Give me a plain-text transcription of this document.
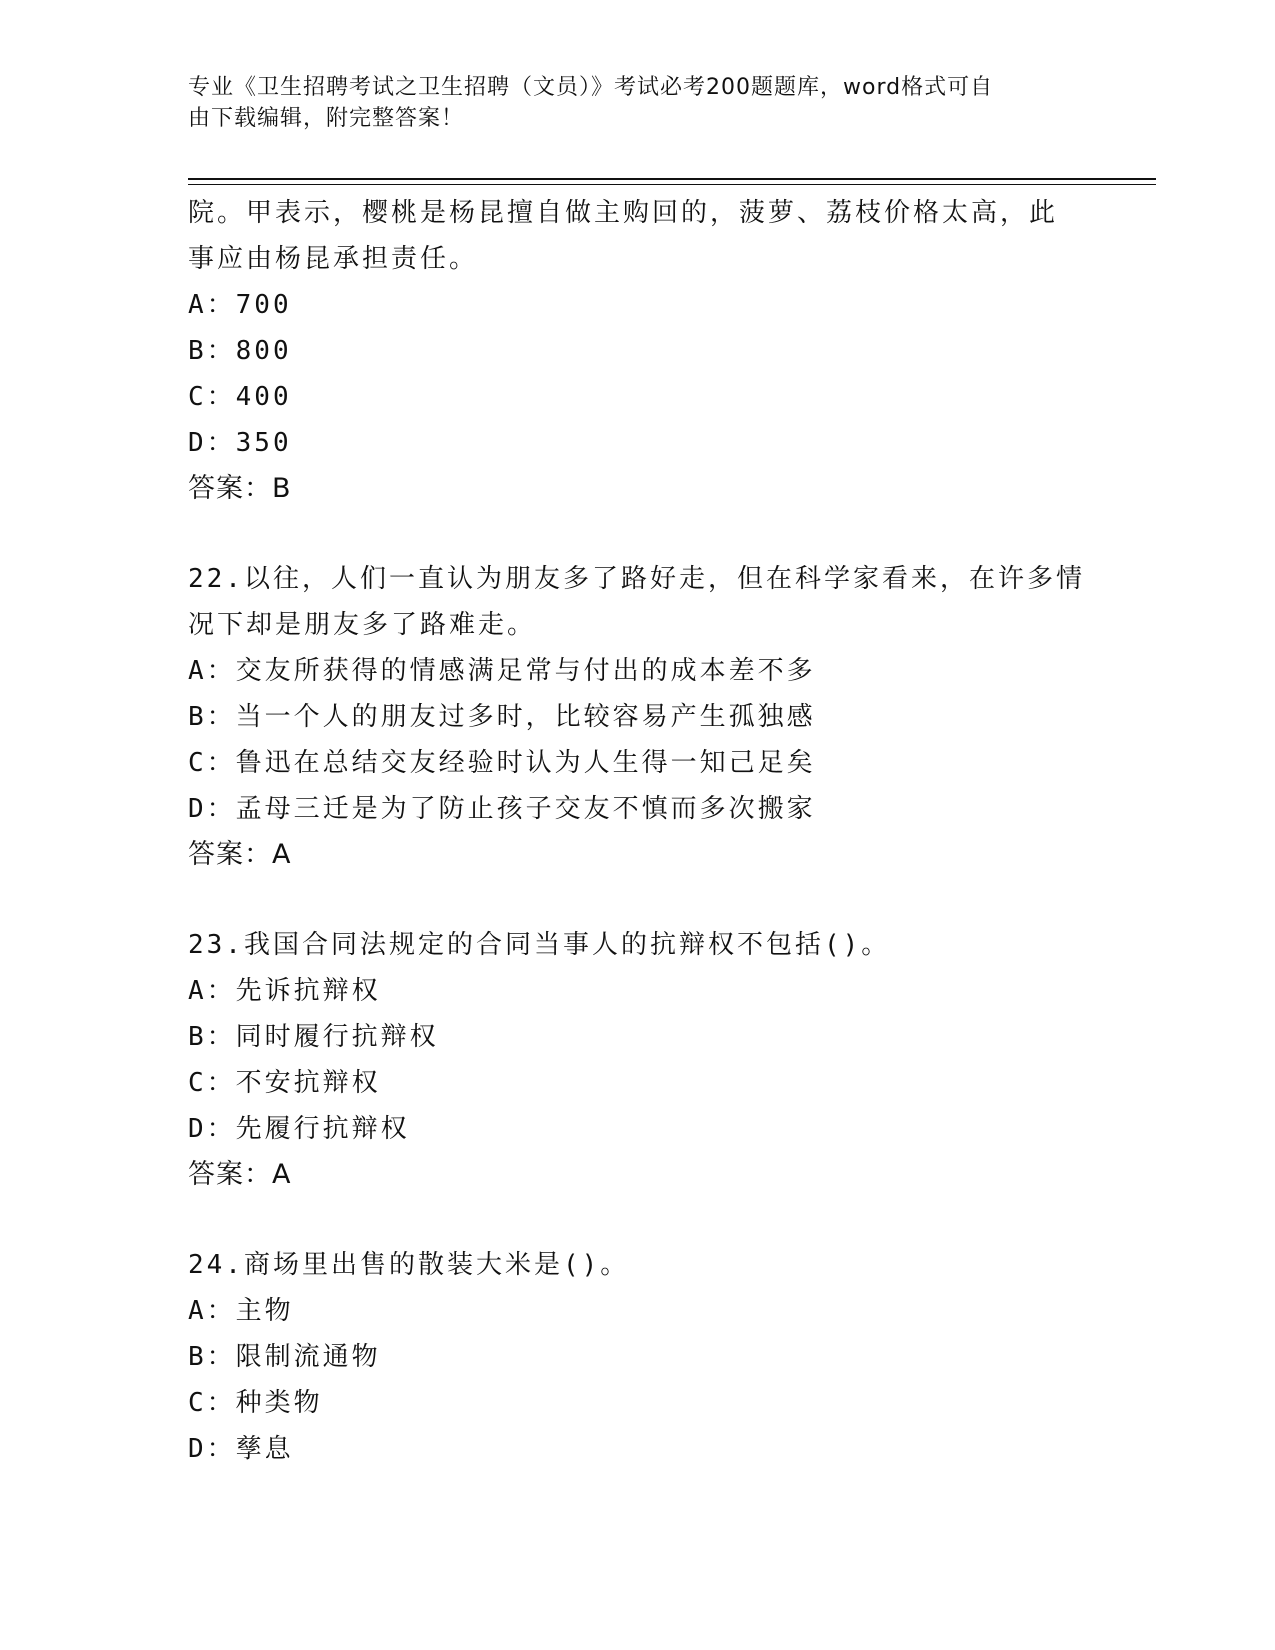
专业《卫生招聘考试之卫生招聘（文员）》考试必考200题题库，word格式可自
由下载编辑，附完整答案！
院。甲表示，樱桃是杨昆擅自做主购回的，菠萝、荔枝价格太高，此
事应由杨昆承担责任。
A：700
B：800
C：400
D：350
答案：B
22.以往，人们一直认为朋友多了路好走，但在科学家看来，在许多情
况下却是朋友多了路难走。
A：交友所获得的情感满足常与付出的成本差不多
B：当一个人的朋友过多时，比较容易产生孤独感
C：鲁迅在总结交友经验时认为人生得一知己足矣
D：孟母三迁是为了防止孩子交友不慎而多次搬家
答案：A
23.我国合同法规定的合同当事人的抗辩权不包括()。
A：先诉抗辩权
B：同时履行抗辩权
C：不安抗辩权
D：先履行抗辩权
答案：A
24.商场里出售的散装大米是()。
A：主物
B：限制流通物
C：种类物
D：孳息
